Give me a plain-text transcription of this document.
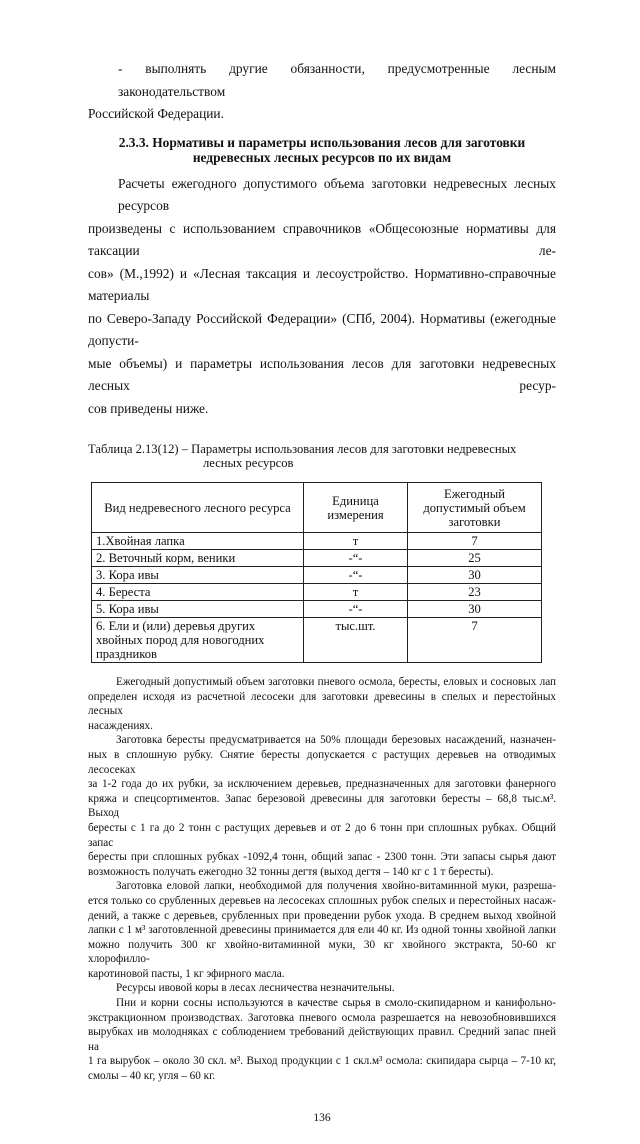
- выполнять другие обязанности, предусмотренные лесным законодательством
Российской Федерации.
2.3.3. Нормативы и параметры использования лесов для заготовки
недревесных лесных ресурсов по их видам
Расчеты ежегодного допустимого объема заготовки недревесных лесных ресурсов
произведены с использованием справочников «Общесоюзные нормативы для таксации ле-
сов» (М.,1992) и «Лесная таксация и лесоустройство. Нормативно-справочные материалы
по Северо-Западу Российской Федерации» (СПб, 2004). Нормативы (ежегодные допусти-
мые объемы) и параметры использования лесов для заготовки недревесных лесных ресур-
сов приведены ниже.
Таблица 2.13(12) – Параметры использования лесов для заготовки недревесных
лесных ресурсов
Вид недревесного лесного ресурса	Единица измерения	Ежегодный допустимый объем заготовки
1.Хвойная лапка	т	7
2. Веточный корм, веники	-“-	25
3. Кора ивы	-“-	30
4. Береста	т	23
5. Кора ивы	-“-	30
6. Ели и (или) деревья других хвойных пород для новогодних праздников	тыс.шт.	7
Ежегодный допустимый объем заготовки пневого осмола, бересты, еловых и сосновых лап
определен исходя из расчетной лесосеки для заготовки древесины в спелых и перестойных лесных
насаждениях.
Заготовка бересты предусматривается на 50% площади березовых насаждений, назначен-
ных в сплошную рубку. Снятие бересты допускается с растущих деревьев на отводимых лесосеках
за 1-2 года до их рубки, за исключением деревьев, предназначенных для заготовки фанерного
кряжа и спецсортиментов. Запас березовой древесины для заготовки бересты – 68,8 тыс.м³. Выход
бересты с 1 га до 2 тонн с растущих деревьев и от 2 до 6 тонн при сплошных рубках. Общий запас
бересты при сплошных рубках -1092,4 тонн, общий запас - 2300 тонн. Эти запасы сырья дают
возможность получать ежегодно 32 тонны дегтя (выход дегтя – 140 кг с 1 т бересты).
Заготовка еловой лапки, необходимой для получения хвойно-витаминной муки, разреша-
ется только со срубленных деревьев на лесосеках сплошных рубок спелых и перестойных насаж-
дений, а также с деревьев, срубленных при проведении рубок ухода. В среднем выход хвойной
лапки с 1 м³ заготовленной древесины принимается для ели 40 кг. Из одной тонны хвойной лапки
можно получить 300 кг хвойно-витаминной муки, 30 кг хвойного экстракта, 50-60 кг хлорофилло-
каротиновой пасты, 1 кг эфирного масла.
Ресурсы ивовой коры в лесах лесничества незначительны.
Пни и корни сосны используются в качестве сырья в смоло-скипидарном и канифольно-
экстракционном производствах. Заготовка пневого осмола разрешается на невозобновившихся
вырубках ив молодняках с соблюдением требований действующих правил. Средний запас пней на
1 га вырубок – около 30 скл. м³. Выход продукции с 1 скл.м³ осмола: скипидара сырца – 7-10 кг,
смолы – 40 кг, угля – 60 кг.
136
